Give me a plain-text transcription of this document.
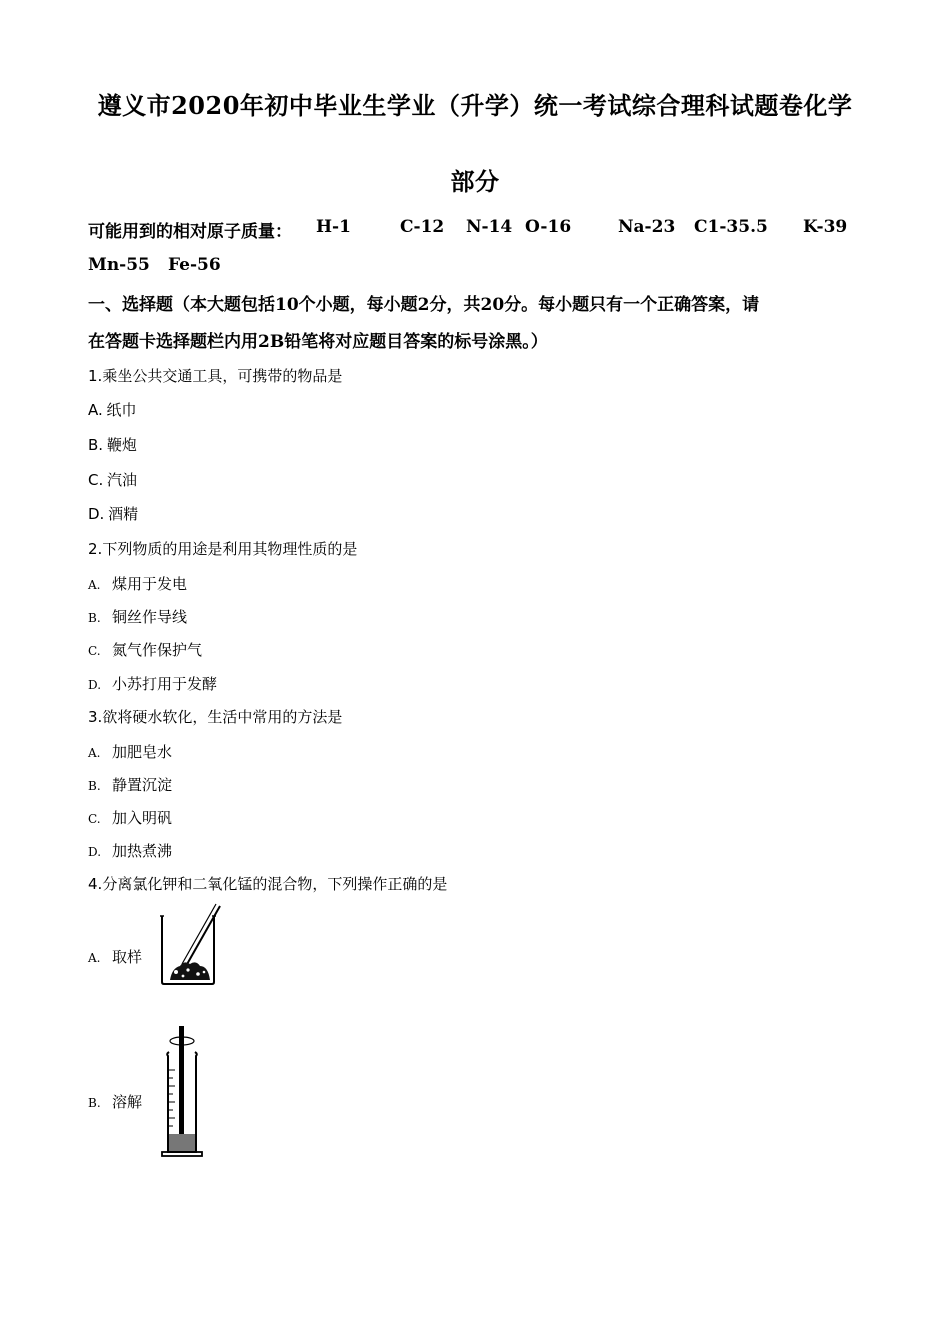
遵义市2020年初中毕业生学业（升学）统一考试综合理科试题卷化学
部分

可能用到的相对原子质量：

H-1

	C-12

N-14

O-16

	Na-23

C1-35.5

K-39

Mn-55

Fe-56

一、选择题（本大题包括10个小题，每小题2分，共20分。每小题只有一个正确答案，请
在答题卡选择题栏内用2B铅笔将对应题目答案的标号涂黑。）
1.乘坐公共交通工具，可携带的物品是
A. 纸巾
B. 鞭炮
C. 汽油
D. 酒精
2.下列物质的用途是利用其物理性质的是
A. 煤用于发电
B. 铜丝作导线
C. 氮气作保护气
D. 小苏打用于发酵
3.欲将硬水软化，生活中常用的方法是
A. 加肥皂水
B. 静置沉淀
C. 加入明矾
D. 加热煮沸
4.分离氯化钾和二氧化锰的混合物，下列操作正确的是
A. 取样
B. 溶解
